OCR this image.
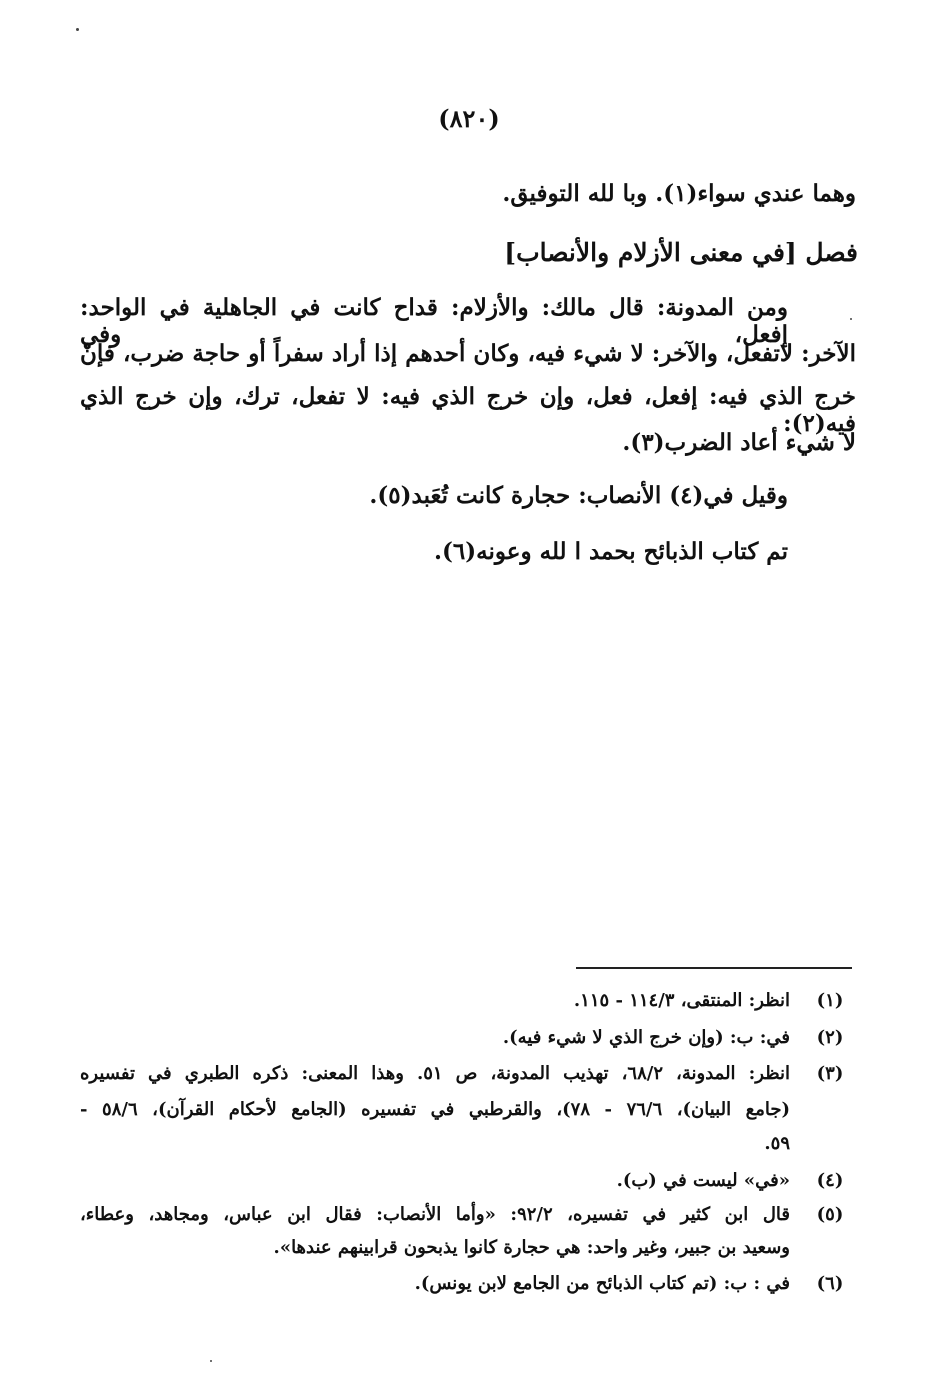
(٨٢٠)
وهما عندي سواء(١). وبا لله التوفيق.
فصل [في معنى الأزلام والأنصاب]
ومن المدونة: قال مالك: والأزلام: قداح كانت في الجاهلية في الواحد: إفعل، وفي
الآخر: لاتفعل، والآخر: لا شيء فيه، وكان أحدهم إذا أراد سفراً أو حاجة ضرب، فإنْ
خرج الذي فيه: إفعل، فعل، وإن خرج الذي فيه: لا تفعل، ترك، وإن خرج الذي فيه(٢):
لا شيء أعاد الضرب(٣).
وقيل في(٤) الأنصاب: حجارة كانت تُعَبد(٥).
تم كتاب الذبائح بحمد ا لله وعونه(٦).
(١)
انظر: المنتقى، ١١٤/٣ - ١١٥.
(٢)
في: ب: (وإن خرج الذي لا شيء فيه).
(٣)
انظر: المدونة، ٦٨/٢، تهذيب المدونة، ص ٥١. وهذا المعنى: ذكره الطبري في تفسيره
(جامع البيان)، ٧٦/٦ - ٧٨)، والقرطبي في تفسيره (الجامع لأحكام القرآن)، ٥٨/٦ -
٥٩.
(٤)
«في» ليست في (ب).
(٥)
قال ابن كثير في تفسيره، ٩٢/٢: «وأما الأنصاب: فقال ابن عباس، ومجاهد، وعطاء،
وسعيد بن جبير، وغير واحد: هي حجارة كانوا يذبحون قرابينهم عندها».
(٦)
في : ب: (تم كتاب الذبائح من الجامع لابن يونس).
